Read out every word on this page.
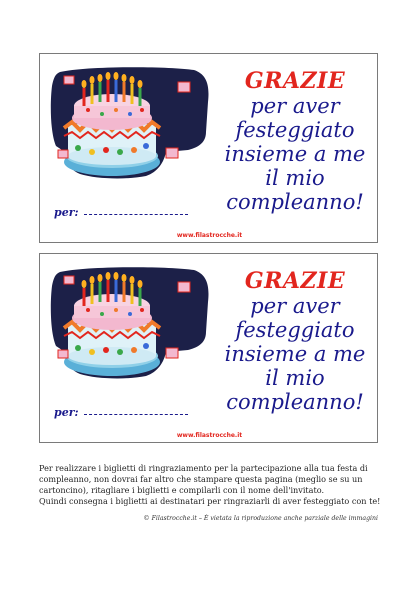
GRAZIE
per aver
festeggiato
insieme a me
il mio
compleanno!
per:
www.filastrocche.it
GRAZIE
per aver
festeggiato
insieme a me
il mio
compleanno!
per:
www.filastrocche.it

Per realizzare i biglietti di ringraziamento per la partecipazione alla tua festa di compleanno, non dovrai far altro che stampare questa pagina (meglio se su un cartoncino), ritagliare i biglietti e compilarli con il nome dell'invitato.

Quindi consegna i biglietti ai destinatari per ringraziarli di aver festeggiato con te!

© Filastrocche.it – È vietata la riproduzione anche parziale delle immagini
